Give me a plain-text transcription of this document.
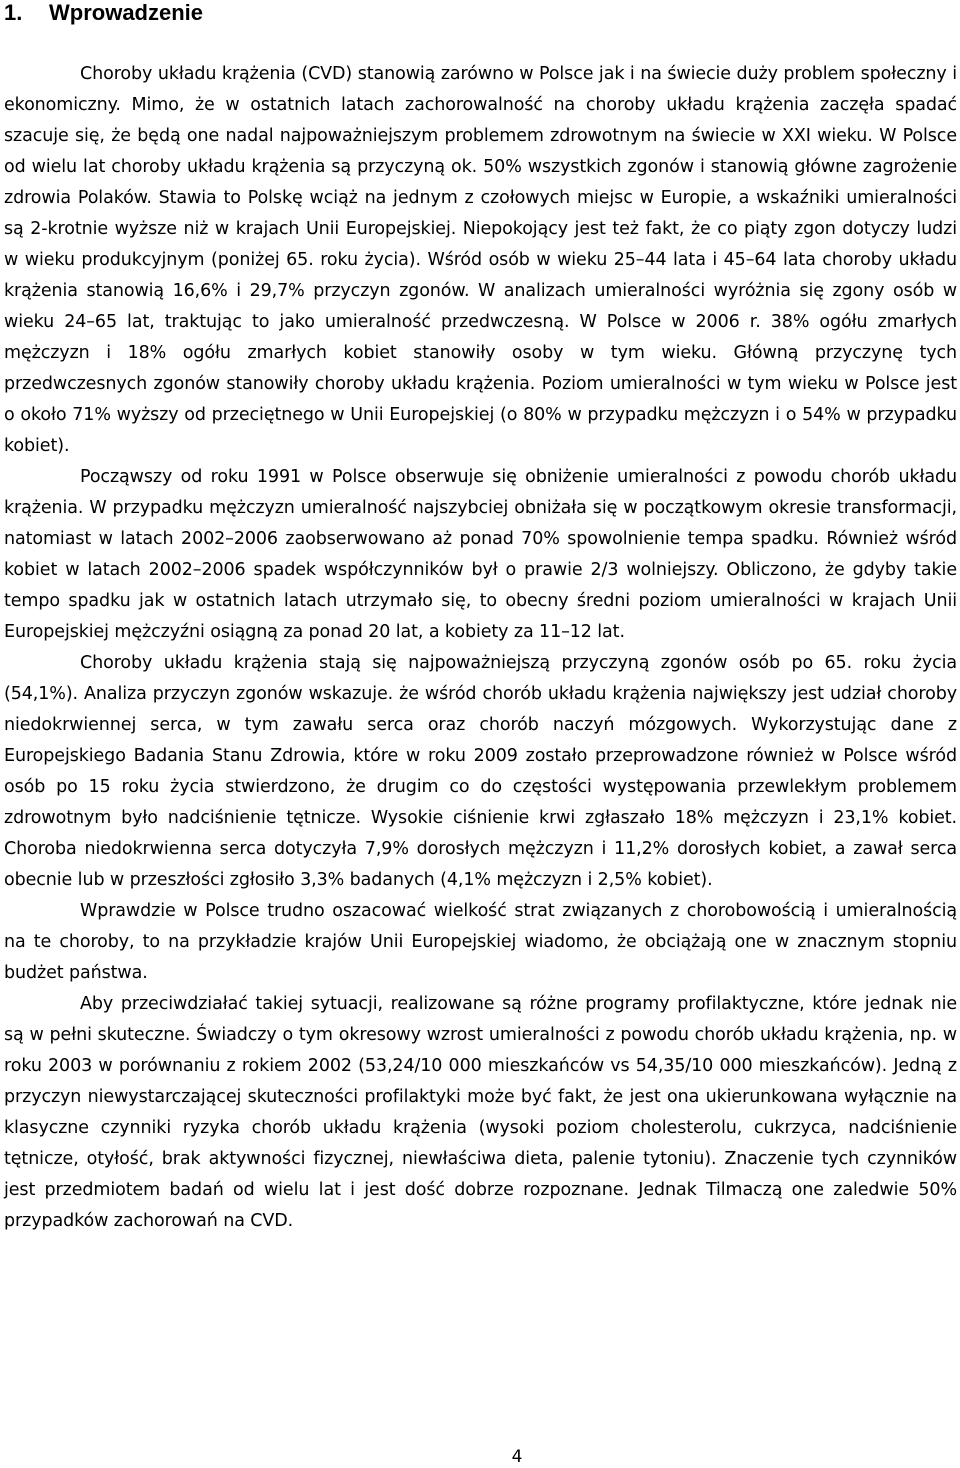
1. Wprowadzenie

Choroby układu krążenia (CVD) stanowią zarówno w Polsce jak i na świecie duży problem społeczny i ekonomiczny. Mimo, że w ostatnich latach zachorowalność na choroby układu krążenia zaczęła spadać szacuje się, że będą one nadal najpoważniejszym problemem zdrowotnym na świecie w XXI wieku. W Polsce od wielu lat choroby układu krążenia są przyczyną ok. 50% wszystkich zgonów i stanowią główne zagrożenie zdrowia Polaków. Stawia to Polskę wciąż na jednym z czołowych miejsc w Europie, a wskaźniki umieralności są 2-krotnie wyższe niż w krajach Unii Europejskiej. Niepokojący jest też fakt, że co piąty zgon dotyczy ludzi w wieku produkcyjnym (poniżej 65. roku życia). Wśród osób w wieku 25–44 lata i 45–64 lata choroby układu krążenia stanowią 16,6% i 29,7% przyczyn zgonów. W analizach umieralności wyróżnia się zgony osób w wieku 24–65 lat, traktując to jako umieralność przedwczesną. W Polsce w 2006 r. 38% ogółu zmarłych mężczyzn i 18% ogółu zmarłych kobiet stanowiły osoby w tym wieku. Główną przyczynę tych przedwczesnych zgonów stanowiły choroby układu krążenia. Poziom umieralności w tym wieku w Polsce jest o około 71% wyższy od przeciętnego w Unii Europejskiej (o 80% w przypadku mężczyzn i o 54% w przypadku kobiet).

Począwszy od roku 1991 w Polsce obserwuje się obniżenie umieralności z powodu chorób układu krążenia. W przypadku mężczyzn umieralność najszybciej obniżała się w początkowym okresie transformacji, natomiast w latach 2002–2006 zaobserwowano aż ponad 70% spowolnienie tempa spadku. Również wśród kobiet w latach 2002–2006 spadek współczynników był o prawie 2/3 wolniejszy. Obliczono, że gdyby takie tempo spadku jak w ostatnich latach utrzymało się, to obecny średni poziom umieralności w krajach Unii Europejskiej mężczyźni osiągną za ponad 20 lat, a kobiety za 11–12 lat.

Choroby układu krążenia stają się najpoważniejszą przyczyną zgonów osób po 65. roku życia (54,1%). Analiza przyczyn zgonów wskazuje. że wśród chorób układu krążenia największy jest udział choroby niedokrwiennej serca, w tym zawału serca oraz chorób naczyń mózgowych. Wykorzystując dane z Europejskiego Badania Stanu Zdrowia, które w roku 2009 zostało przeprowadzone również w Polsce wśród osób po 15 roku życia stwierdzono, że drugim co do częstości występowania przewlekłym problemem zdrowotnym było nadciśnienie tętnicze. Wysokie ciśnienie krwi zgłaszało 18% mężczyzn i 23,1% kobiet. Choroba niedokrwienna serca dotyczyła 7,9% dorosłych mężczyzn i 11,2% dorosłych kobiet, a zawał serca obecnie lub w przeszłości zgłosiło 3,3% badanych (4,1% mężczyzn i 2,5% kobiet).

Wprawdzie w Polsce trudno oszacować wielkość strat związanych z chorobowością i umieralnością na te choroby, to na przykładzie krajów Unii Europejskiej wiadomo, że obciążają one w znacznym stopniu budżet państwa.

Aby przeciwdziałać takiej sytuacji, realizowane są różne programy profilaktyczne, które jednak nie są w pełni skuteczne. Świadczy o tym okresowy wzrost umieralności z powodu chorób układu krążenia, np. w roku 2003 w porównaniu z rokiem 2002 (53,24/10 000 mieszkańców vs 54,35/10 000 mieszkańców). Jedną z przyczyn niewystarczającej skuteczności profilaktyki może być fakt, że jest ona ukierunkowana wyłącznie na klasyczne czynniki ryzyka chorób układu krążenia (wysoki poziom cholesterolu, cukrzyca, nadciśnienie tętnicze, otyłość, brak aktywności fizycznej, niewłaściwa dieta, palenie tytoniu). Znaczenie tych czynników jest przedmiotem badań od wielu lat i jest dość dobrze rozpoznane. Jednak Tilmaczą one zaledwie 50% przypadków zachorowań na CVD.

4
